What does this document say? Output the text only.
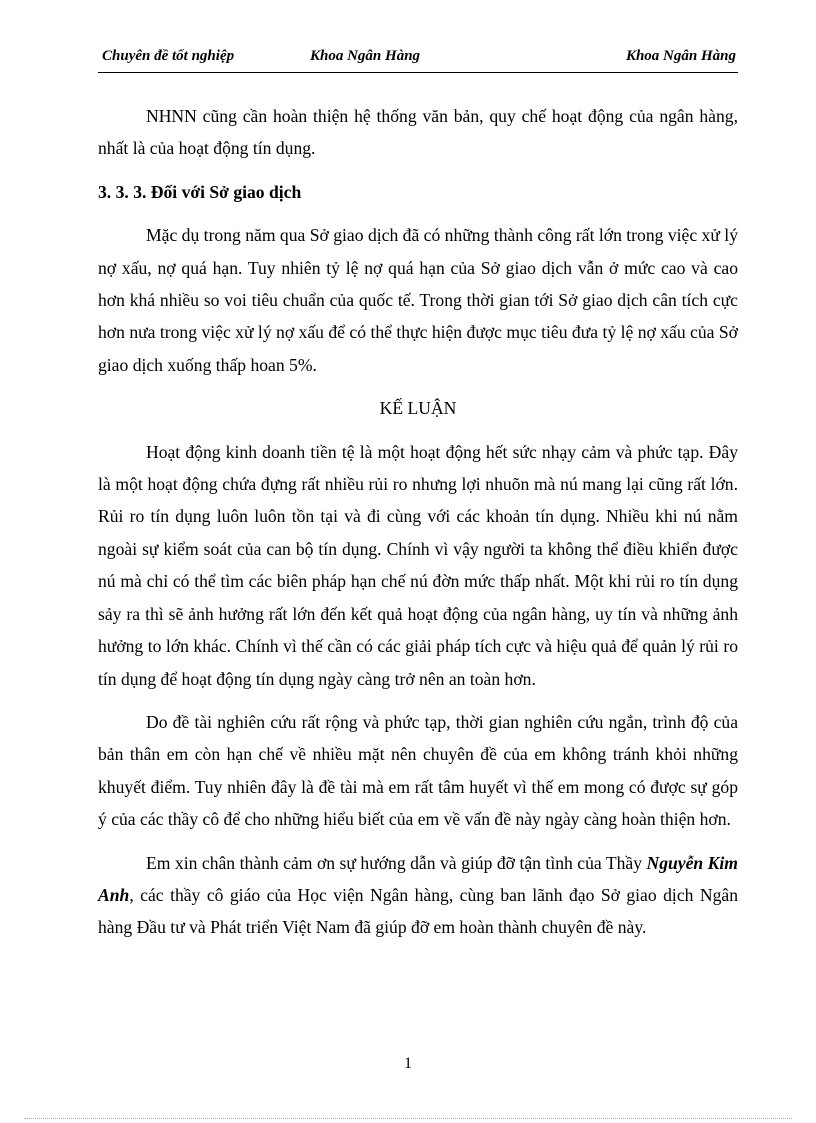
Chuyên đề tốt nghiệp	Khoa Ngân Hàng	Khoa Ngân Hàng

NHNN cũng cần hoàn thiện hệ thống văn bản, quy chế hoạt động của ngân hàng, nhất là của hoạt động tín dụng.

3. 3. 3. Đối với Sở giao dịch

Mặc dụ trong năm qua Sở giao dịch đã có những thành công rất lớn trong việc xử lý nợ xấu, nợ quá hạn. Tuy nhiên tỷ lệ nợ quá hạn của Sở giao dịch vẫn ở mức cao và cao hơn khá nhiều so voi tiêu chuẩn của quốc tế. Trong thời gian tới Sở giao dịch cân tích cực hơn nưa trong việc xử lý nợ xấu để có thể thực hiện được mục tiêu đưa tỷ lệ nợ xấu của Sở giao dịch xuống thấp hoan 5%.

KẾ LUẬN

Hoạt động kinh doanh tiền tệ là một hoạt động hết sức nhạy cảm và phức tạp. Đây là một hoạt động chứa đựng rất nhiều rủi ro nhưng lợi nhuõn mà nú mang lại cũng rất lớn. Rủi ro tín dụng luôn luôn tồn tại và đi cùng với các khoản tín dụng. Nhiều khi nú nằm ngoài sự kiểm soát của can bộ tín dụng. Chính vì vậy người ta không thể điều khiển được nú mà chỉ có thể tìm các biên pháp hạn chế nú đờn mức thấp nhất. Một khi rủi ro tín dụng sảy ra thì sẽ ảnh hưởng rất lớn đến kết quả hoạt động của ngân hàng, uy tín và những ảnh hưởng to lớn khác. Chính vì thế cần có các giải pháp tích cực và hiệu quả để quản lý rủi ro tín dụng để hoạt động tín dụng ngày càng trở nên an toàn hơn.

Do đề tài nghiên cứu rất rộng và phức tạp, thời gian nghiên cứu ngắn, trình độ của bản thân em còn hạn chế về nhiều mặt nên chuyên đề của em không tránh khỏi những khuyết điểm. Tuy nhiên đây là đề tài mà em rất tâm huyết vì thế em mong có được sự góp ý của các thầy cô để cho những hiểu biết của em về vấn đề này ngày càng hoàn thiện hơn.

Em xin chân thành cảm ơn sự hướng dẫn và giúp đỡ tận tình của Thầy Nguyễn Kim Anh, các thầy cô giáo của Học viện Ngân hàng, cùng ban lãnh đạo Sở giao dịch Ngân hàng Đầu tư và Phát triển Việt Nam đã giúp đỡ em hoàn thành chuyên đề này.

1
